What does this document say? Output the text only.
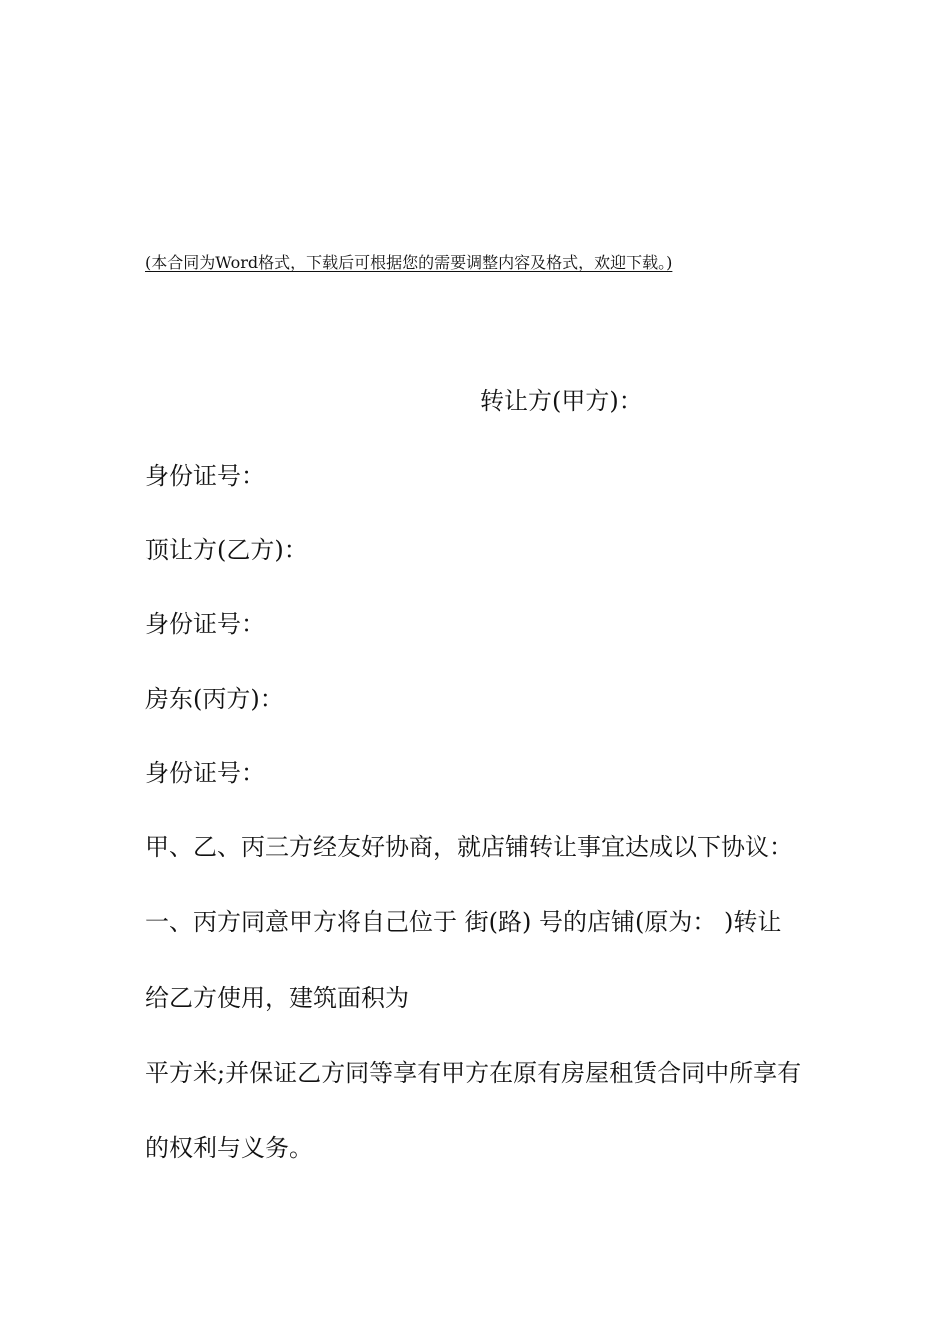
(本合同为Word格式，下载后可根据您的需要调整内容及格式，欢迎下载。)
转让方(甲方)：
身份证号：
顶让方(乙方)：
身份证号：
房东(丙方)：
身份证号：
甲、乙、丙三方经友好协商，就店铺转让事宜达成以下协议：
一、丙方同意甲方将自己位于 街(路) 号的店铺(原为： )转让
给乙方使用，建筑面积为
平方米;并保证乙方同等享有甲方在原有房屋租赁合同中所享有
的权利与义务。
